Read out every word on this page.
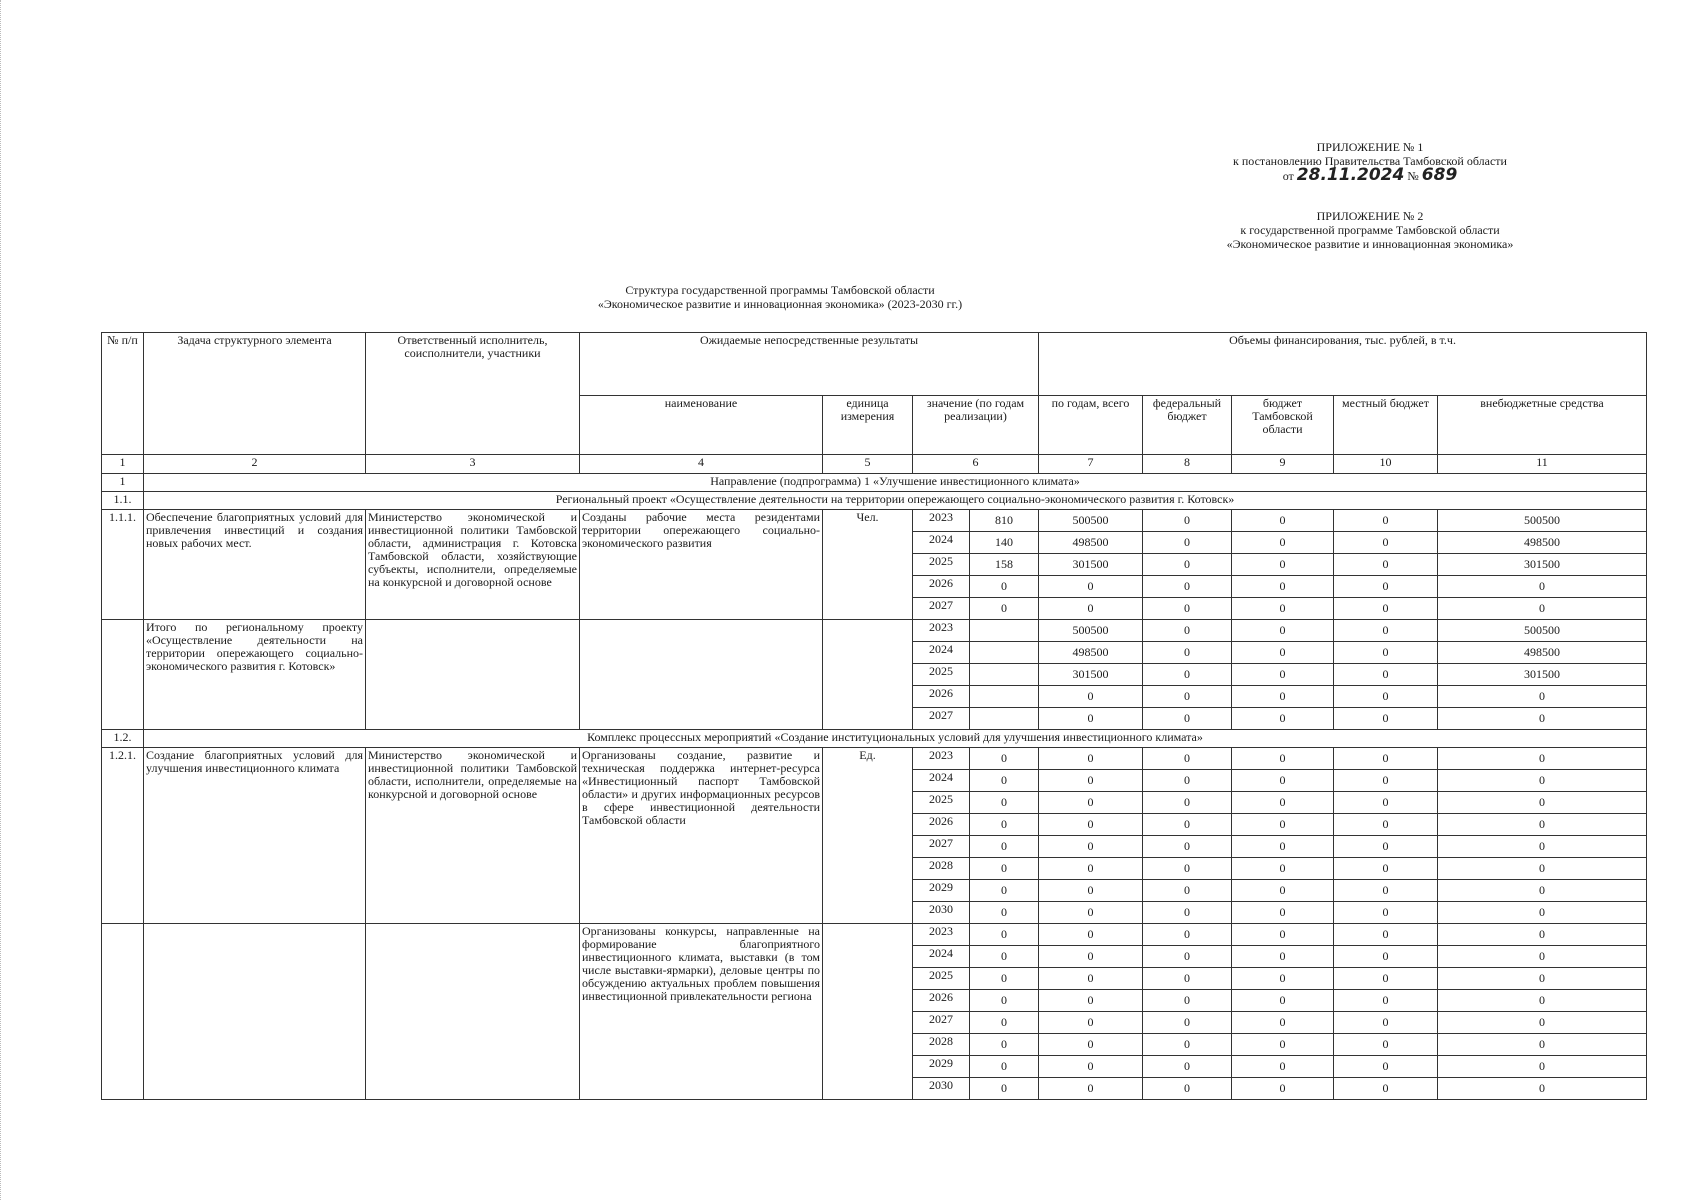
ПРИЛОЖЕНИЕ № 1
к постановлению Правительства Тамбовской области
от 28.11.2024 № 689
ПРИЛОЖЕНИЕ № 2
к государственной программе Тамбовской области
«Экономическое развитие и инновационная экономика»
Структура государственной программы Тамбовской области
«Экономическое развитие и инновационная экономика» (2023-2030 гг.)
№ п/п	Задача структурного элемента	Ответственный исполнитель, соисполнители, участники	Ожидаемые непосредственные результаты				Объемы финансирования, тыс. рублей, в т.ч.				
			наименование	единица измерения	значение (по годам реализации)		по годам, всего	федеральный бюджет	бюджет Тамбовской области	местный бюджет	внебюджетные средства
1	2	3	4	5	6		7	8	9	10	11
1	Направление (подпрограмма) 1 «Улучшение инвестиционного климата»										
1.1.	Региональный проект «Осуществление деятельности на территории опережающего социально-экономического развития г. Котовск»										
1.1.1.	Обеспечение благоприятных условий для привлечения инвестиций и создания новых рабочих мест.	Министерство экономической и инвестиционной политики Тамбовской области, администрация г. Котовска Тамбовской области, хозяйствующие субъекты, исполнители, определяемые на конкурсной и договорной основе	Созданы рабочие места резидентами территории опережающего социально-экономического развития	Чел.	2023	810	500500	0	0	0	500500
					2024	140	498500	0	0	0	498500
					2025	158	301500	0	0	0	301500
					2026	0	0	0	0	0	0
					2027	0	0	0	0	0	0
	Итого по региональному проекту «Осуществление деятельности на территории опережающего социально-экономического развития г. Котовск»				2023		500500	0	0	0	500500
					2024		498500	0	0	0	498500
					2025		301500	0	0	0	301500
					2026		0	0	0	0	0
					2027		0	0	0	0	0
1.2.	Комплекс процессных мероприятий «Создание институциональных условий для улучшения инвестиционного климата»										
1.2.1.	Создание благоприятных условий для улучшения инвестиционного климата	Министерство экономической и инвестиционной политики Тамбовской области, исполнители, определяемые на конкурсной и договорной основе	Организованы создание, развитие и техническая поддержка интернет-ресурса «Инвестиционный паспорт Тамбовской области» и других информационных ресурсов в сфере инвестиционной деятельности Тамбовской области	Ед.	2023	0	0	0	0	0	0
					2024	0	0	0	0	0	0
					2025	0	0	0	0	0	0
					2026	0	0	0	0	0	0
					2027	0	0	0	0	0	0
					2028	0	0	0	0	0	0
					2029	0	0	0	0	0	0
					2030	0	0	0	0	0	0
			Организованы конкурсы, направленные на формирование благоприятного инвестиционного климата, выставки (в том числе выставки-ярмарки), деловые центры по обсуждению актуальных проблем повышения инвестиционной привлекательности региона		2023	0	0	0	0	0	0
					2024	0	0	0	0	0	0
					2025	0	0	0	0	0	0
					2026	0	0	0	0	0	0
					2027	0	0	0	0	0	0
					2028	0	0	0	0	0	0
					2029	0	0	0	0	0	0
					2030	0	0	0	0	0	0
